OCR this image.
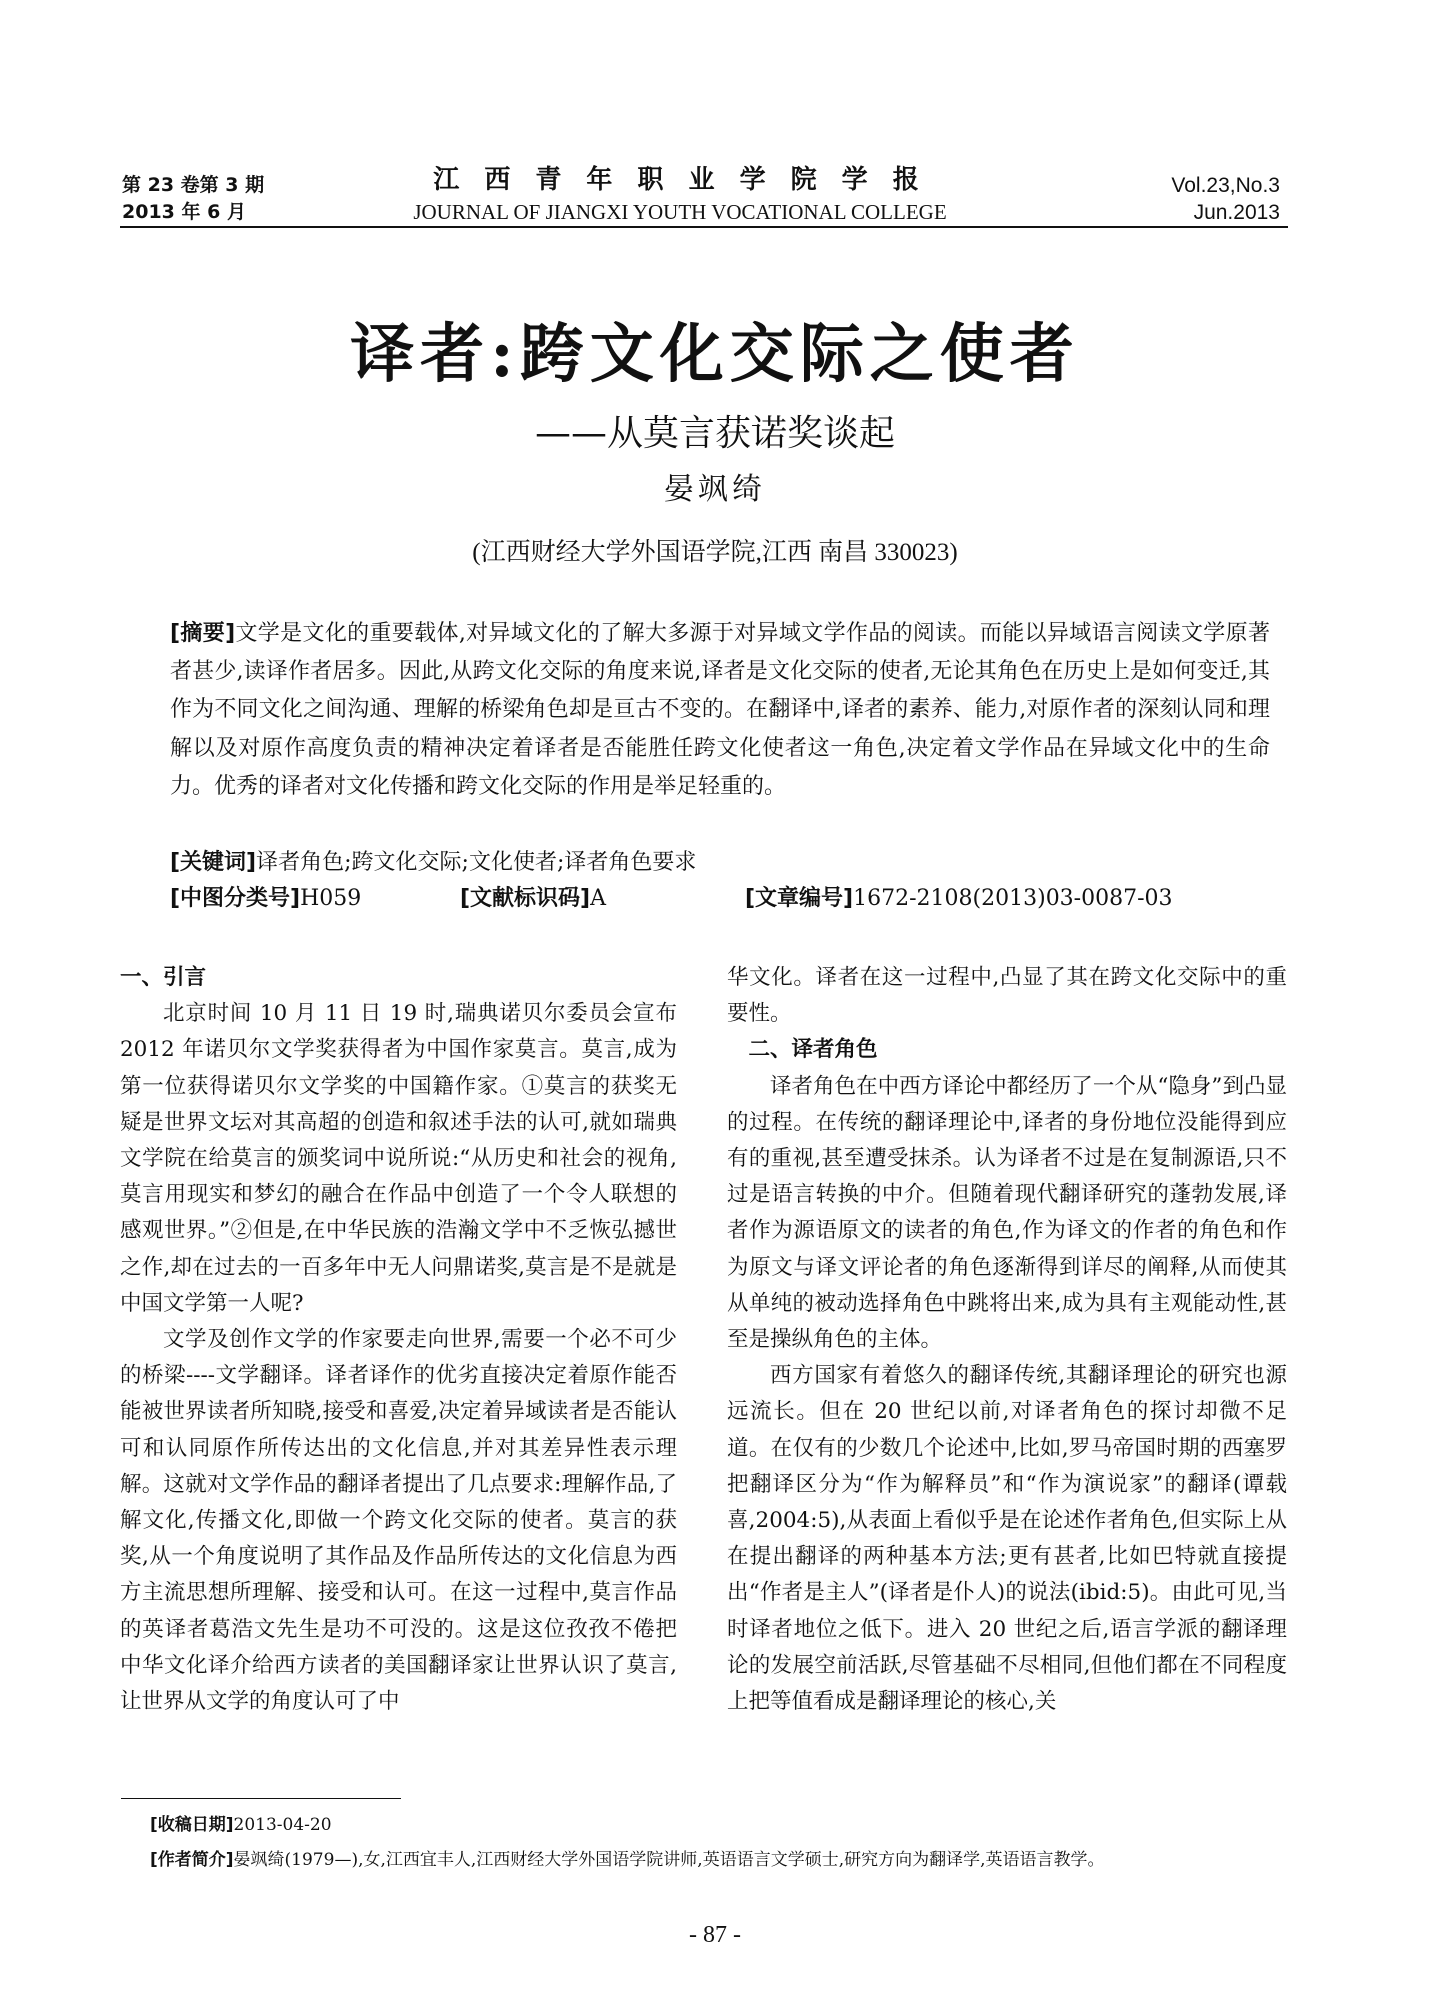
第 23 卷第 3 期
2013 年 6 月
江 西 青 年 职 业 学 院 学 报
JOURNAL OF JIANGXI YOUTH VOCATIONAL COLLEGE
Vol.23,No.3
Jun.2013
译者:跨文化交际之使者
——从莫言获诺奖谈起
晏飒绮
(江西财经大学外国语学院,江西 南昌 330023)
[摘要]文学是文化的重要载体,对异域文化的了解大多源于对异域文学作品的阅读。而能以异域语言阅读文学原著者甚少,读译作者居多。因此,从跨文化交际的角度来说,译者是文化交际的使者,无论其角色在历史上是如何变迁,其作为不同文化之间沟通、理解的桥梁角色却是亘古不变的。在翻译中,译者的素养、能力,对原作者的深刻认同和理解以及对原作高度负责的精神决定着译者是否能胜任跨文化使者这一角色,决定着文学作品在异域文化中的生命力。优秀的译者对文化传播和跨文化交际的作用是举足轻重的。
[关键词]译者角色;跨文化交际;文化使者;译者角色要求
[中图分类号]H059	[文献标识码]A	[文章编号]1672-2108(2013)03-0087-03

一、引言

北京时间 10 月 11 日 19 时,瑞典诺贝尔委员会宣布 2012 年诺贝尔文学奖获得者为中国作家莫言。莫言,成为第一位获得诺贝尔文学奖的中国籍作家。①莫言的获奖无疑是世界文坛对其高超的创造和叙述手法的认可,就如瑞典文学院在给莫言的颁奖词中说所说:“从历史和社会的视角,莫言用现实和梦幻的融合在作品中创造了一个令人联想的感观世界。”②但是,在中华民族的浩瀚文学中不乏恢弘撼世之作,却在过去的一百多年中无人问鼎诺奖,莫言是不是就是中国文学第一人呢?

文学及创作文学的作家要走向世界,需要一个必不可少的桥梁----文学翻译。译者译作的优劣直接决定着原作能否能被世界读者所知晓,接受和喜爱,决定着异域读者是否能认可和认同原作所传达出的文化信息,并对其差异性表示理解。这就对文学作品的翻译者提出了几点要求:理解作品,了解文化,传播文化,即做一个跨文化交际的使者。莫言的获奖,从一个角度说明了其作品及作品所传达的文化信息为西方主流思想所理解、接受和认可。在这一过程中,莫言作品的英译者葛浩文先生是功不可没的。这是这位孜孜不倦把中华文化译介给西方读者的美国翻译家让世界认识了莫言,让世界从文学的角度认可了中

华文化。译者在这一过程中,凸显了其在跨文化交际中的重要性。

二、译者角色

译者角色在中西方译论中都经历了一个从“隐身”到凸显的过程。在传统的翻译理论中,译者的身份地位没能得到应有的重视,甚至遭受抹杀。认为译者不过是在复制源语,只不过是语言转换的中介。但随着现代翻译研究的蓬勃发展,译者作为源语原文的读者的角色,作为译文的作者的角色和作为原文与译文评论者的角色逐渐得到详尽的阐释,从而使其从单纯的被动选择角色中跳将出来,成为具有主观能动性,甚至是操纵角色的主体。

西方国家有着悠久的翻译传统,其翻译理论的研究也源远流长。但在 20 世纪以前,对译者角色的探讨却微不足道。在仅有的少数几个论述中,比如,罗马帝国时期的西塞罗把翻译区分为“作为解释员”和“作为演说家”的翻译(谭载喜,2004:5),从表面上看似乎是在论述作者角色,但实际上从在提出翻译的两种基本方法;更有甚者,比如巴特就直接提出“作者是主人”(译者是仆人)的说法(ibid:5)。由此可见,当时译者地位之低下。进入 20 世纪之后,语言学派的翻译理论的发展空前活跃,尽管基础不尽相同,但他们都在不同程度上把等值看成是翻译理论的核心,关

[收稿日期]2013-04-20
[作者简介]晏飒绮(1979—),女,江西宜丰人,江西财经大学外国语学院讲师,英语语言文学硕士,研究方向为翻译学,英语语言教学。
- 87 -
